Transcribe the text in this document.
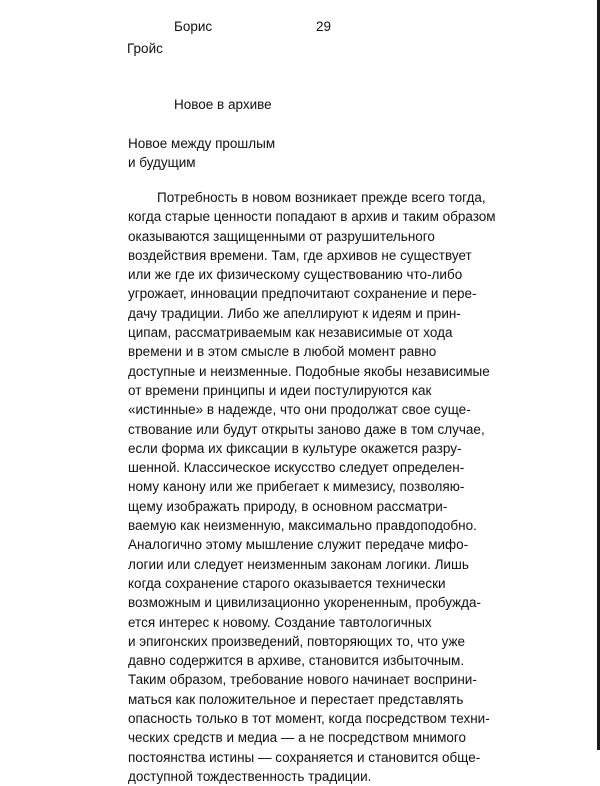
Борис
Гройс
29
Новое в архиве
Новое между прошлым
и будущим
Потребность в новом возникает прежде всего тогда,
когда старые ценности попадают в архив и таким образом
оказываются защищенными от разрушительного
воздействия времени. Там, где архивов не существует
или же где их физическому существованию что-либо
угрожает, инновации предпочитают сохранение и пере-
дачу традиции. Либо же апеллируют к идеям и прин-
ципам, рассматриваемым как независимые от хода
времени и в этом смысле в любой момент равно
доступные и неизменные. Подобные якобы независимые
от времени принципы и идеи постулируются как
«истинные» в надежде, что они продолжат свое суще-
ствование или будут открыты заново даже в том случае,
если форма их фиксации в культуре окажется разру-
шенной. Классическое искусство следует определен-
ному канону или же прибегает к мимезису, позволяю-
щему изображать природу, в основном рассматри-
ваемую как неизменную, максимально правдоподобно.
Аналогично этому мышление служит передаче мифо-
логии или следует неизменным законам логики. Лишь
когда сохранение старого оказывается технически
возможным и цивилизационно укорененным, пробужда-
ется интерес к новому. Создание тавтологичных
и эпигонских произведений, повторяющих то, что уже
давно содержится в архиве, становится избыточным.
Таким образом, требование нового начинает восприни-
маться как положительное и перестает представлять
опасность только в тот момент, когда посредством техни-
ческих средств и медиа — а не посредством мнимого
постоянства истины — сохраняется и становится обще-
доступной тождественность традиции.
